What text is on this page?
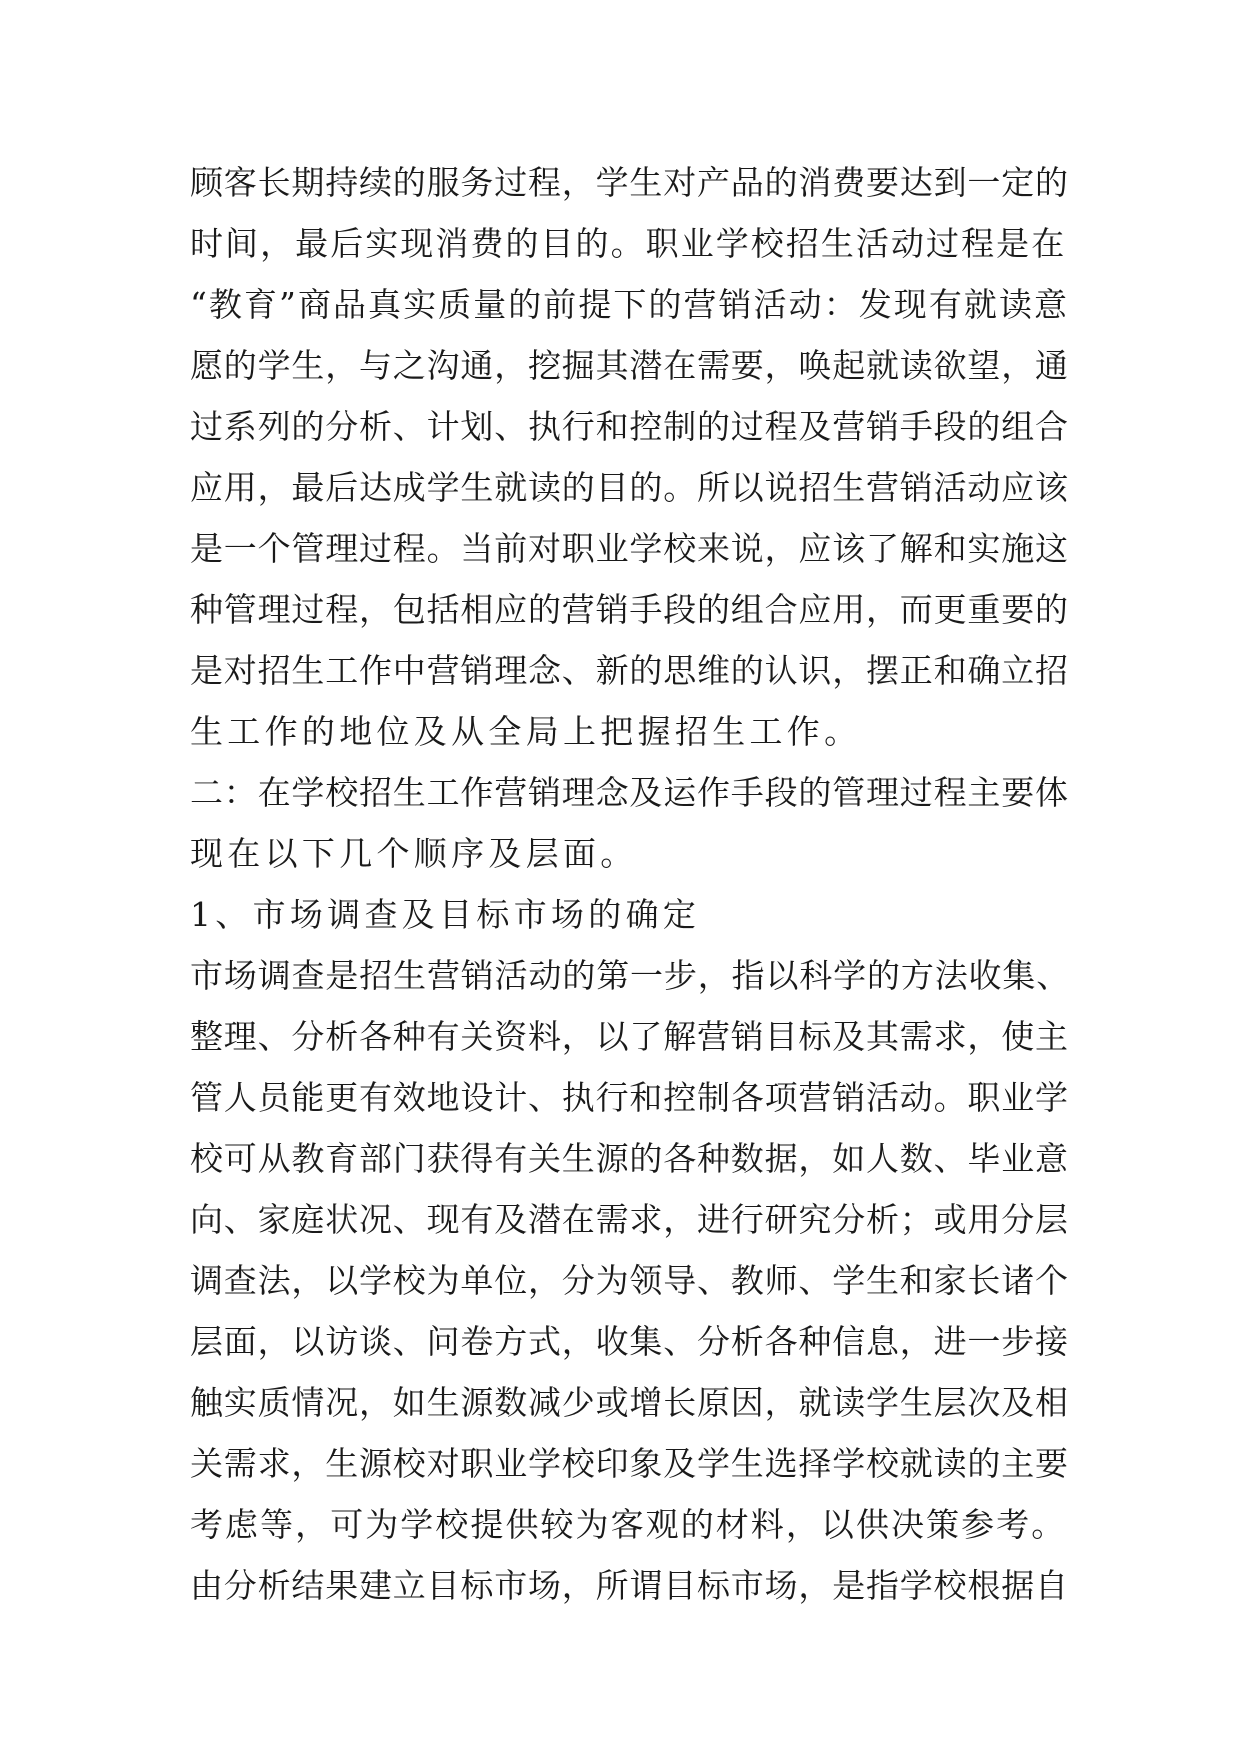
顾客长期持续的服务过程，学生对产品的消费要达到一定的
时间，最后实现消费的目的。职业学校招生活动过程是在
“教育”商品真实质量的前提下的营销活动：发现有就读意
愿的学生，与之沟通，挖掘其潜在需要，唤起就读欲望，通
过系列的分析、计划、执行和控制的过程及营销手段的组合
应用，最后达成学生就读的目的。所以说招生营销活动应该
是一个管理过程。当前对职业学校来说，应该了解和实施这
种管理过程，包括相应的营销手段的组合应用，而更重要的
是对招生工作中营销理念、新的思维的认识，摆正和确立招
生工作的地位及从全局上把握招生工作。
二：在学校招生工作营销理念及运作手段的管理过程主要体
现在以下几个顺序及层面。
1、市场调查及目标市场的确定
市场调查是招生营销活动的第一步，指以科学的方法收集、
整理、分析各种有关资料，以了解营销目标及其需求，使主
管人员能更有效地设计、执行和控制各项营销活动。职业学
校可从教育部门获得有关生源的各种数据，如人数、毕业意
向、家庭状况、现有及潜在需求，进行研究分析；或用分层
调查法，以学校为单位，分为领导、教师、学生和家长诸个
层面，以访谈、问卷方式，收集、分析各种信息，进一步接
触实质情况，如生源数减少或增长原因，就读学生层次及相
关需求，生源校对职业学校印象及学生选择学校就读的主要
考虑等，可为学校提供较为客观的材料，以供决策参考。
由分析结果建立目标市场，所谓目标市场，是指学校根据自
